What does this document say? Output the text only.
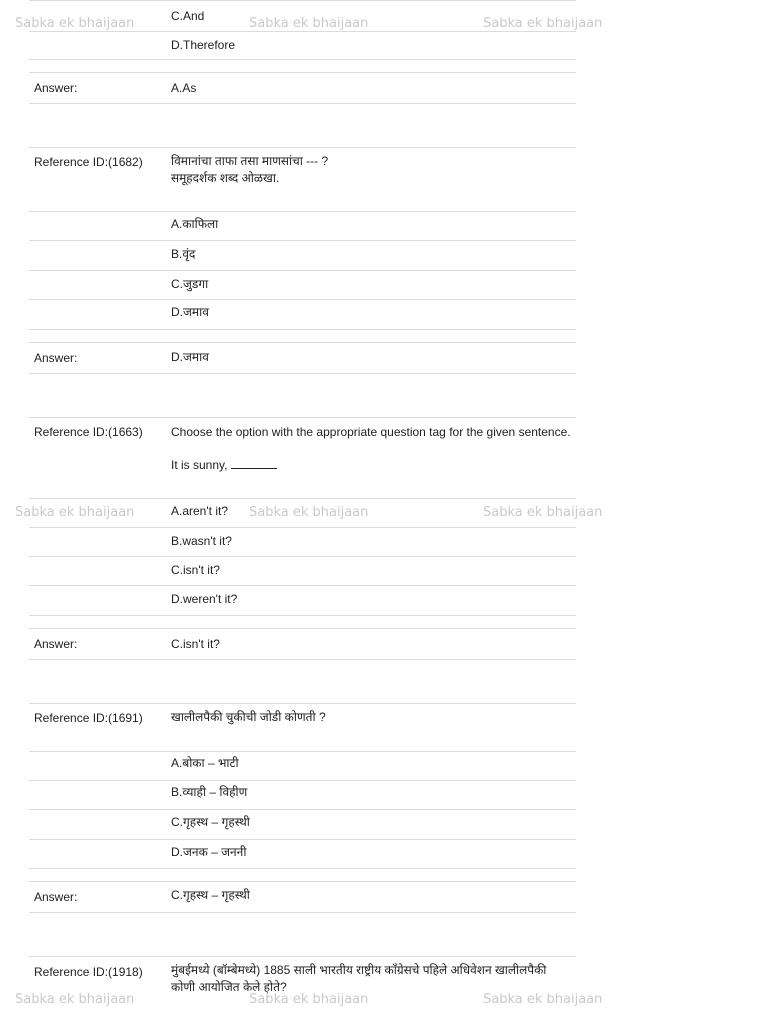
C.And
D.Therefore
Answer:	A.As
Reference ID:(1682) विमानांचा ताफा तसा माणसांचा --- ?
समूहदर्शक शब्द ओळखा.
A.काफिला
B.वृंद
C.जुडगा
D.जमाव
Answer:	D.जमाव
Reference ID:(1663) Choose the option with the appropriate question tag for the given sentence.
It is sunny,
A.aren't it?
B.wasn't it?
C.isn't it?
D.weren't it?
Answer:	C.isn't it?
Reference ID:(1691) खालीलपैकी चुकीची जोडी कोणती ?
A.बोका – भाटी
B.व्याही – विहीण
C.गृहस्थ – गृहस्थी
D.जनक – जननी
Answer:	C.गृहस्थ – गृहस्थी
Reference ID:(1918) मुंबईमध्ये (बॉम्बेमध्ये) 1885 साली भारतीय राष्ट्रीय काँग्रेसचे पहिले अधिवेशन खालीलपैकी
कोणी आयोजित केले होते?
Sabka ek bhaijaan	Sabka ek bhaijaan	Sabka ek bhaijaan
Sabka ek bhaijaan	Sabka ek bhaijaan	Sabka ek bhaijaan
Sabka ek bhaijaan	Sabka ek bhaijaan	Sabka ek bhaijaan
